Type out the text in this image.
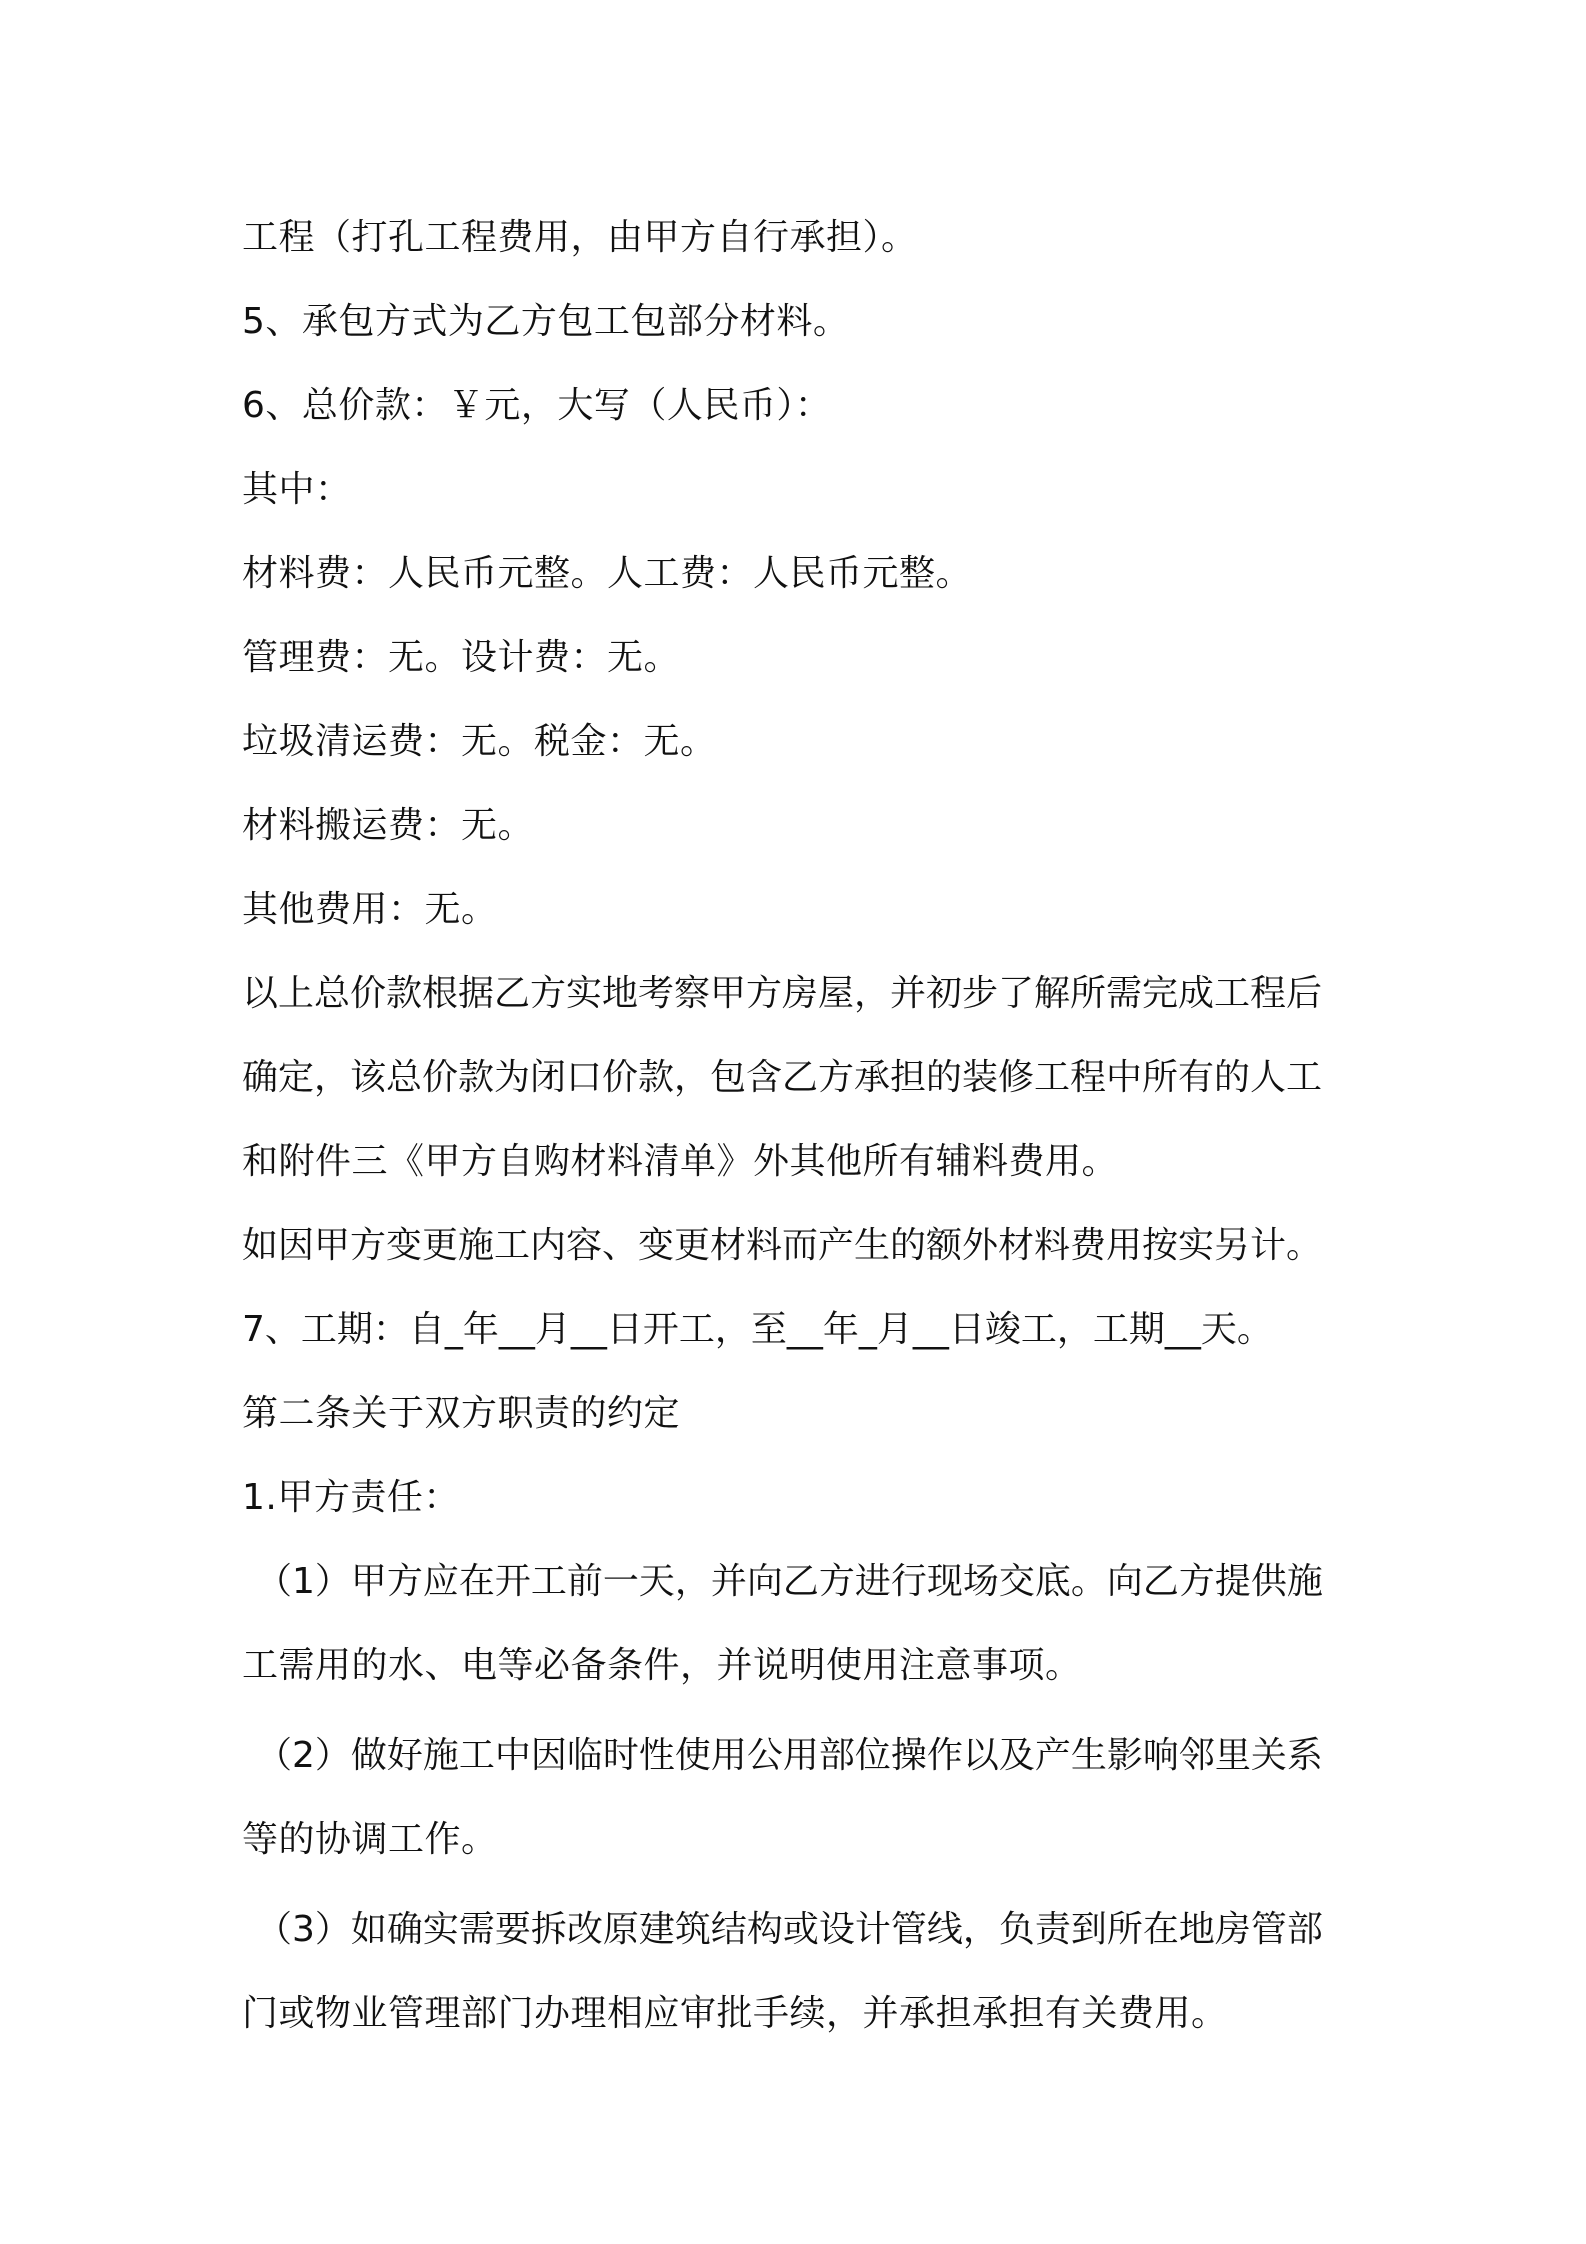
工程（打孔工程费用，由甲方自行承担）。
5、承包方式为乙方包工包部分材料。
6、总价款：￥元，大写（人民币）：
其中：
材料费：人民币元整。人工费：人民币元整。
管理费：无。设计费：无。
垃圾清运费：无。税金：无。
材料搬运费：无。
其他费用：无。
以上总价款根据乙方实地考察甲方房屋，并初步了解所需完成工程后
确定，该总价款为闭口价款，包含乙方承担的装修工程中所有的人工
和附件三《甲方自购材料清单》外其他所有辅料费用。
如因甲方变更施工内容、变更材料而产生的额外材料费用按实另计。
7、工期：自_年__月__日开工，至__年_月__日竣工，工期__天。
第二条关于双方职责的约定
1.甲方责任：
（1）甲方应在开工前一天，并向乙方进行现场交底。向乙方提供施
工需用的水、电等必备条件，并说明使用注意事项。
（2）做好施工中因临时性使用公用部位操作以及产生影响邻里关系
等的协调工作。
（3）如确实需要拆改原建筑结构或设计管线，负责到所在地房管部
门或物业管理部门办理相应审批手续，并承担承担有关费用。
